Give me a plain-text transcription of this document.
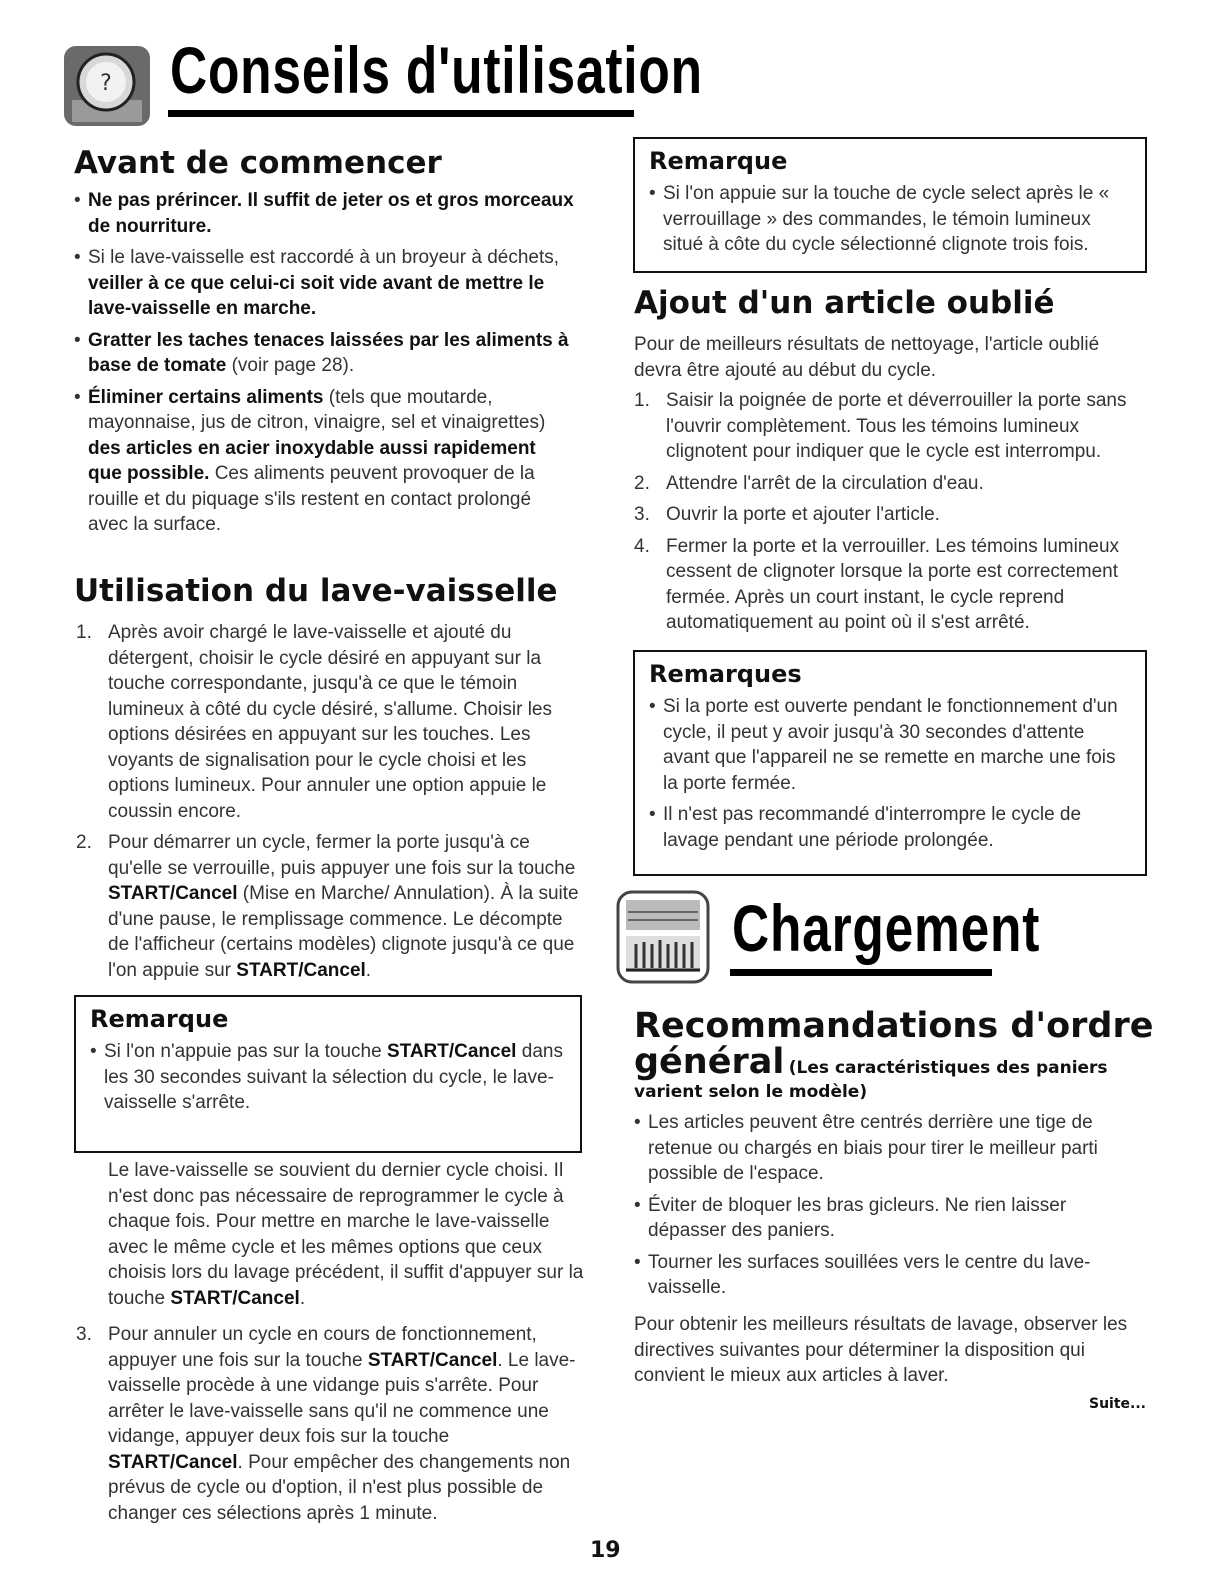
? Conseils d'utilisation
Avant de commencer
• Ne pas prérincer. Il suffit de jeter os et gros morceaux de nourriture.
• Si le lave-vaisselle est raccordé à un broyeur à déchets, veiller à ce que celui-ci soit vide avant de mettre le lave-vaisselle en marche.
• Gratter les taches tenaces laissées par les aliments à base de tomate (voir page 28).
• Éliminer certains aliments (tels que moutarde, mayonnaise, jus de citron, vinaigre, sel et vinaigrettes) des articles en acier inoxydable aussi rapidement que possible. Ces aliments peuvent provoquer de la rouille et du piquage s'ils restent en contact prolongé avec la surface.
Utilisation du lave-vaisselle
1. Après avoir chargé le lave-vaisselle et ajouté du détergent, choisir le cycle désiré en appuyant sur la touche correspondante, jusqu'à ce que le témoin lumineux à côté du cycle désiré, s'allume. Choisir les options désirées en appuyant sur les touches. Les voyants de signalisation pour le cycle choisi et les options lumineux. Pour annuler une option appuie le coussin encore.
2. Pour démarrer un cycle, fermer la porte jusqu'à ce qu'elle se verrouille, puis appuyer une fois sur la touche START/Cancel (Mise en Marche/ Annulation). À la suite d'une pause, le remplissage commence. Le décompte de l'afficheur (certains modèles) clignote jusqu'à ce que l'on appuie sur START/Cancel.
Remarque
• Si l'on n'appuie pas sur la touche START/Cancel dans les 30 secondes suivant la sélection du cycle, le lave-vaisselle s'arrête.
Le lave-vaisselle se souvient du dernier cycle choisi. Il n'est donc pas nécessaire de reprogrammer le cycle à chaque fois. Pour mettre en marche le lave-vaisselle avec le même cycle et les mêmes options que ceux choisis lors du lavage précédent, il suffit d'appuyer sur la touche START/Cancel.
3. Pour annuler un cycle en cours de fonctionnement, appuyer une fois sur la touche START/Cancel. Le lave-vaisselle procède à une vidange puis s'arrête. Pour arrêter le lave-vaisselle sans qu'il ne commence une vidange, appuyer deux fois sur la touche START/Cancel. Pour empêcher des changements non prévus de cycle ou d'option, il n'est plus possible de changer ces sélections après 1 minute.
Remarque
• Si l'on appuie sur la touche de cycle select après le « verrouillage » des commandes, le témoin lumineux situé à côte du cycle sélectionné clignote trois fois.
Ajout d'un article oublié
Pour de meilleurs résultats de nettoyage, l'article oublié devra être ajouté au début du cycle.
1. Saisir la poignée de porte et déverrouiller la porte sans l'ouvrir complètement. Tous les témoins lumineux clignotent pour indiquer que le cycle est interrompu.
2. Attendre l'arrêt de la circulation d'eau.
3. Ouvrir la porte et ajouter l'article.
4. Fermer la porte et la verrouiller. Les témoins lumineux cessent de clignoter lorsque la porte est correctement fermée. Après un court instant, le cycle reprend automatiquement au point où il s'est arrêté.
Remarques
• Si la porte est ouverte pendant le fonctionnement d'un cycle, il peut y avoir jusqu'à 30 secondes d'attente avant que l'appareil ne se remette en marche une fois la porte fermée.
• Il n'est pas recommandé d'interrompre le cycle de lavage pendant une période prolongée.
Chargement
Recommandations d'ordre
général (Les caractéristiques des paniers
varient selon le modèle)
• Les articles peuvent être centrés derrière une tige de retenue ou chargés en biais pour tirer le meilleur parti possible de l'espace.
• Éviter de bloquer les bras gicleurs. Ne rien laisser dépasser des paniers.
• Tourner les surfaces souillées vers le centre du lave-vaisselle.
Pour obtenir les meilleurs résultats de lavage, observer les directives suivantes pour déterminer la disposition qui convient le mieux aux articles à laver.
Suite...
19
